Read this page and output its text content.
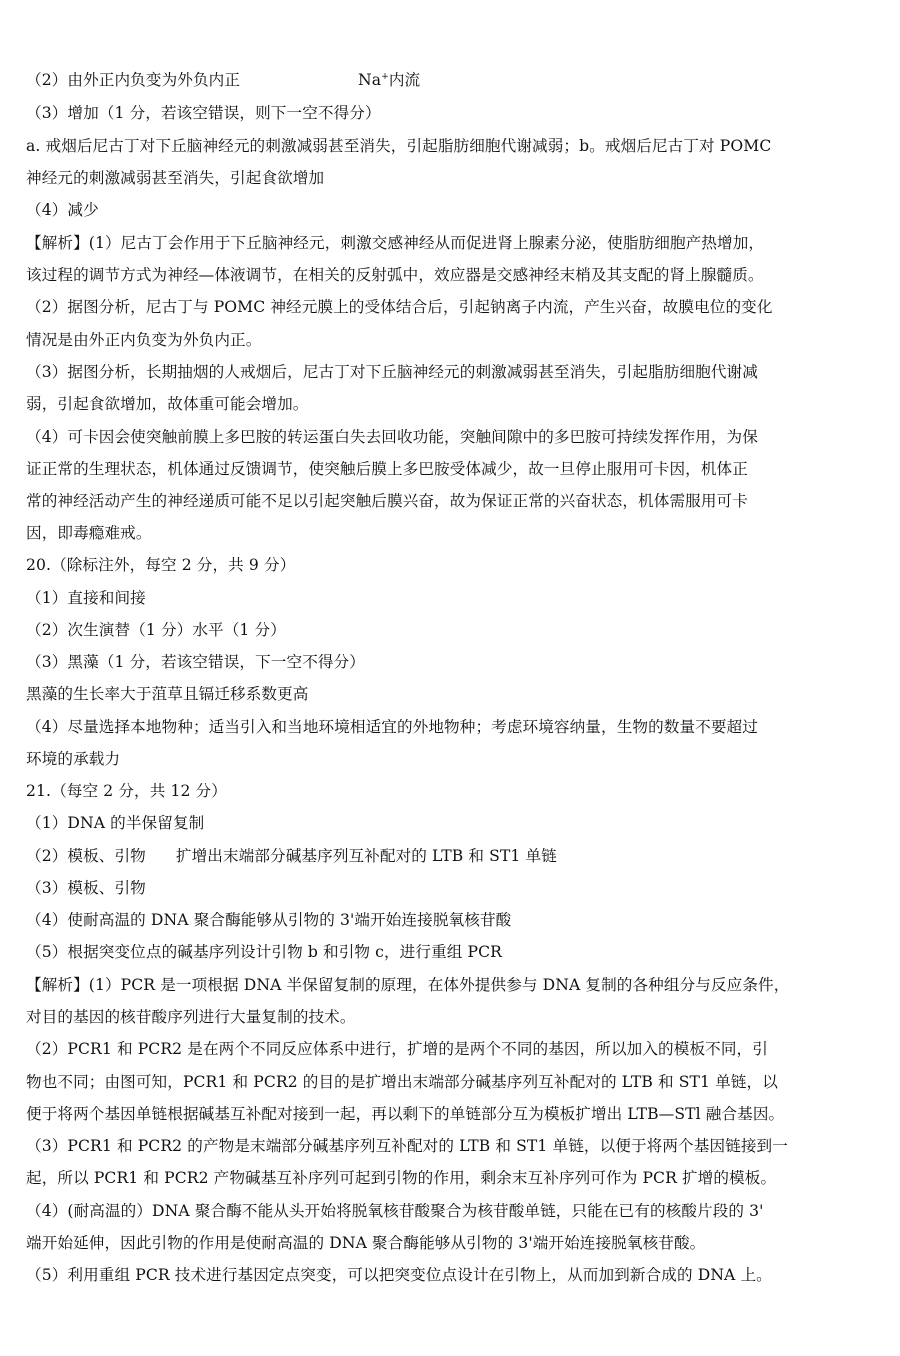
（2）由外正内负变为外负内正	Na+内流
（3）增加（1 分，若该空错误，则下一空不得分）
a. 戒烟后尼古丁对下丘脑神经元的刺激减弱甚至消失，引起脂肪细胞代谢减弱；b。戒烟后尼古丁对 POMC
神经元的刺激减弱甚至消失，引起食欲增加
（4）减少
【解析】(1）尼古丁会作用于下丘脑神经元，刺激交感神经从而促进肾上腺素分泌，使脂肪细胞产热增加，
该过程的调节方式为神经—体液调节，在相关的反射弧中，效应器是交感神经末梢及其支配的肾上腺髓质。
（2）据图分析，尼古丁与 POMC 神经元膜上的受体结合后，引起钠离子内流，产生兴奋，故膜电位的变化
情况是由外正内负变为外负内正。
（3）据图分析，长期抽烟的人戒烟后，尼古丁对下丘脑神经元的刺激减弱甚至消失，引起脂肪细胞代谢减
弱，引起食欲增加，故体重可能会增加。
（4）可卡因会使突触前膜上多巴胺的转运蛋白失去回收功能，突触间隙中的多巴胺可持续发挥作用，为保
证正常的生理状态，机体通过反馈调节，使突触后膜上多巴胺受体减少，故一旦停止服用可卡因，机体正
常的神经活动产生的神经递质可能不足以引起突触后膜兴奋，故为保证正常的兴奋状态，机体需服用可卡
因，即毒瘾难戒。
20.（除标注外，每空 2 分，共 9 分）
（1）直接和间接
（2）次生演替（1 分）水平（1 分）
（3）黑藻（1 分，若该空错误，下一空不得分）
黑藻的生长率大于菹草且镉迁移系数更高
（4）尽量选择本地物种；适当引入和当地环境相适宜的外地物种；考虑环境容纳量，生物的数量不要超过
环境的承载力
21.（每空 2 分，共 12 分）
（1）DNA 的半保留复制
（2）模板、引物 扩增出末端部分碱基序列互补配对的 LTB 和 ST1 单链
（3）模板、引物
（4）使耐高温的 DNA 聚合酶能够从引物的 3'端开始连接脱氧核苷酸
（5）根据突变位点的碱基序列设计引物 b 和引物 c，进行重组 PCR
【解析】(1）PCR 是一项根据 DNA 半保留复制的原理，在体外提供参与 DNA 复制的各种组分与反应条件，
对目的基因的核苷酸序列进行大量复制的技术。
（2）PCR1 和 PCR2 是在两个不同反应体系中进行，扩增的是两个不同的基因，所以加入的模板不同，引
物也不同；由图可知，PCR1 和 PCR2 的目的是扩增出末端部分碱基序列互补配对的 LTB 和 ST1 单链，以
便于将两个基因单链根据碱基互补配对接到一起，再以剩下的单链部分互为模板扩增出 LTB—STl 融合基因。
（3）PCR1 和 PCR2 的产物是末端部分碱基序列互补配对的 LTB 和 ST1 单链，以便于将两个基因链接到一
起，所以 PCR1 和 PCR2 产物碱基互补序列可起到引物的作用，剩余末互补序列可作为 PCR 扩增的模板。
（4）(耐高温的）DNA 聚合酶不能从头开始将脱氧核苷酸聚合为核苷酸单链，只能在已有的核酸片段的 3'
端开始延伸，因此引物的作用是使耐高温的 DNA 聚合酶能够从引物的 3'端开始连接脱氧核苷酸。
（5）利用重组 PCR 技术进行基因定点突变，可以把突变位点设计在引物上，从而加到新合成的 DNA 上。
